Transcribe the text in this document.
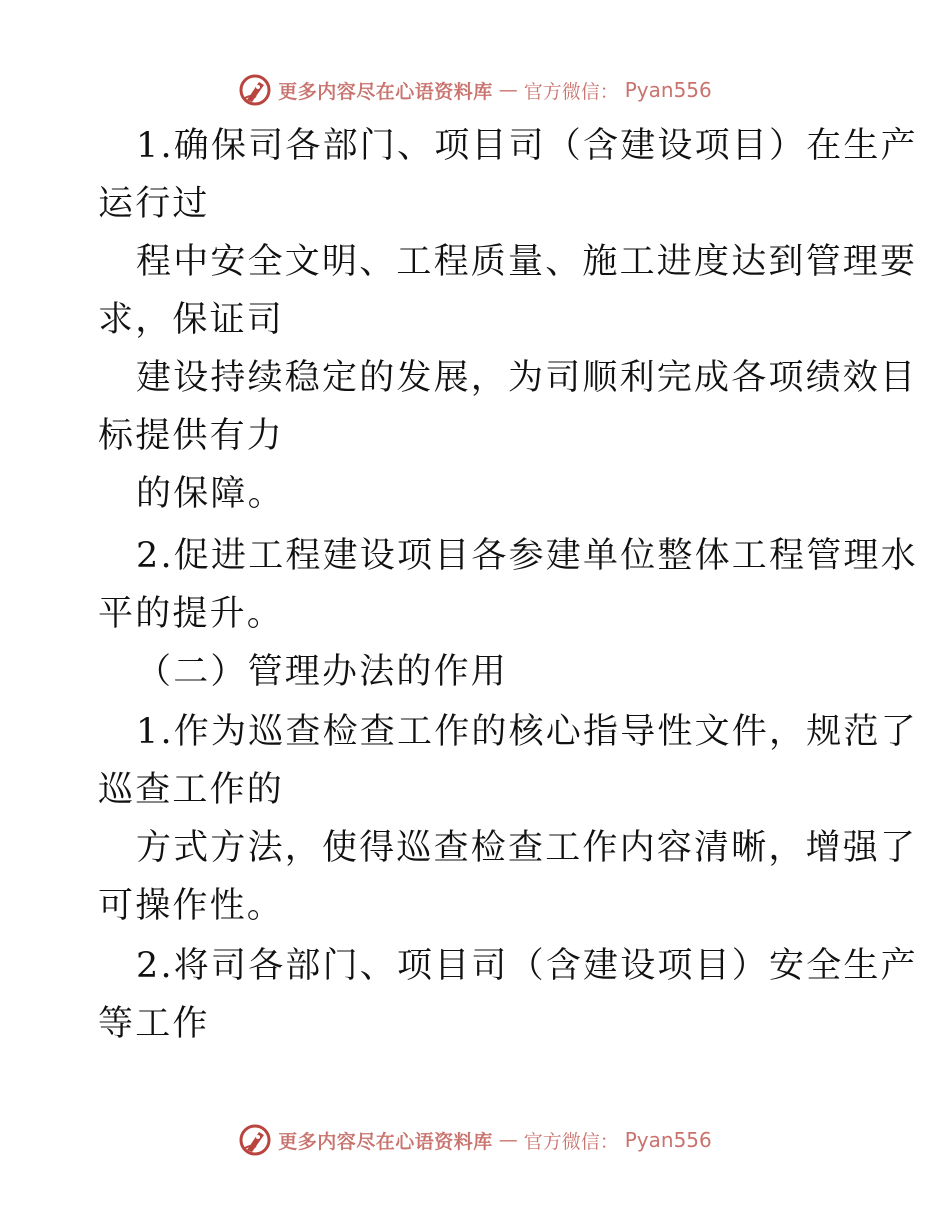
更多内容尽在心语资料库 — 官方微信： Pyan556
1.确保司各部门、项目司（含建设项目）在生产
运行过
程中安全文明、工程质量、施工进度达到管理要
求，保证司
建设持续稳定的发展，为司顺利完成各项绩效目
标提供有力
的保障。
2.促进工程建设项目各参建单位整体工程管理水
平的提升。
（二）管理办法的作用
1.作为巡查检查工作的核心指导性文件，规范了
巡查工作的
方式方法，使得巡查检查工作内容清晰，增强了
可操作性。
2.将司各部门、项目司（含建设项目）安全生产
等工作
更多内容尽在心语资料库 — 官方微信： Pyan556
